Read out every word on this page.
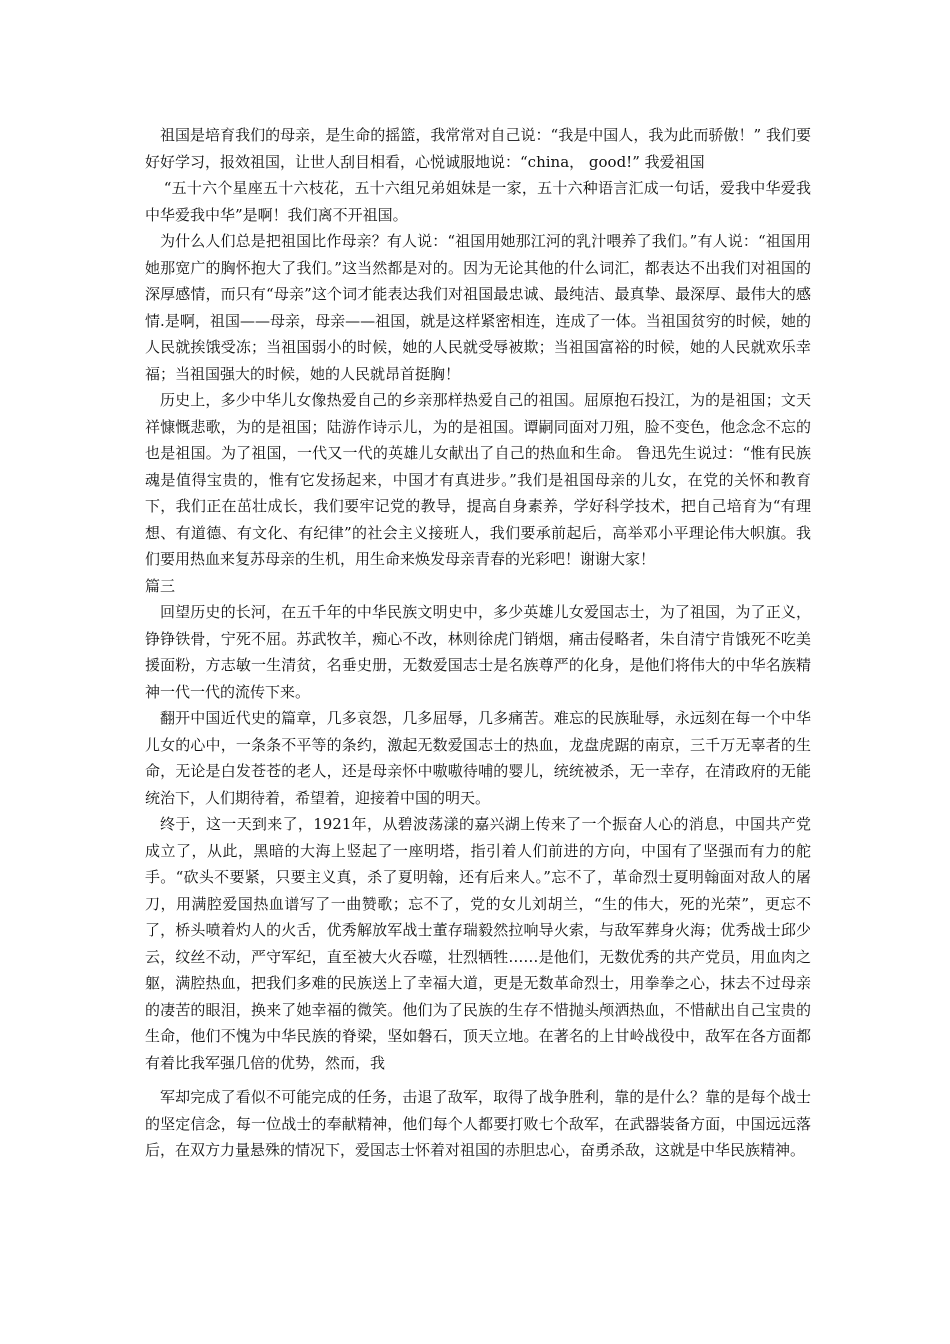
祖国是培育我们的母亲，是生命的摇篮，我常常对自己说：“我是中国人，我为此而骄傲！” 我们要好好学习，报效祖国，让世人刮目相看，心悦诚服地说：“china， good!” 我爱祖国

“五十六个星座五十六枝花，五十六组兄弟姐妹是一家，五十六种语言汇成一句话，爱我中华爱我中华爱我中华”是啊！我们离不开祖国。

为什么人们总是把祖国比作母亲？有人说：“祖国用她那江河的乳汁喂养了我们。”有人说：“祖国用她那宽广的胸怀抱大了我们。”这当然都是对的。因为无论其他的什么词汇，都表达不出我们对祖国的深厚感情，而只有“母亲”这个词才能表达我们对祖国最忠诚、最纯洁、最真挚、最深厚、最伟大的感情.是啊，祖国——母亲，母亲——祖国，就是这样紧密相连，连成了一体。当祖国贫穷的时候，她的人民就挨饿受冻；当祖国弱小的时候，她的人民就受辱被欺；当祖国富裕的时候，她的人民就欢乐幸福；当祖国强大的时候，她的人民就昂首挺胸！

历史上，多少中华儿女像热爱自己的乡亲那样热爱自己的祖国。屈原抱石投江，为的是祖国；文天祥慷慨悲歌，为的是祖国；陆游作诗示儿，为的是祖国。谭嗣同面对刀殂，脸不变色，他念念不忘的也是祖国。为了祖国，一代又一代的英雄儿女献出了自己的热血和生命。 鲁迅先生说过：“惟有民族魂是值得宝贵的，惟有它发扬起来，中国才有真进步。”我们是祖国母亲的儿女，在党的关怀和教育下，我们正在茁壮成长，我们要牢记党的教导，提高自身素养，学好科学技术，把自己培育为“有理想、有道德、有文化、有纪律”的社会主义接班人，我们要承前起后，高举邓小平理论伟大帜旗。我们要用热血来复苏母亲的生机，用生命来焕发母亲青春的光彩吧！谢谢大家！

篇三

回望历史的长河，在五千年的中华民族文明史中，多少英雄儿女爱国志士，为了祖国，为了正义，铮铮铁骨，宁死不屈。苏武牧羊，痴心不改，林则徐虎门销烟，痛击侵略者，朱自清宁肯饿死不吃美援面粉，方志敏一生清贫，名垂史册，无数爱国志士是名族尊严的化身，是他们将伟大的中华名族精神一代一代的流传下来。

翻开中国近代史的篇章，几多哀怨，几多屈辱，几多痛苦。难忘的民族耻辱，永远刻在每一个中华儿女的心中，一条条不平等的条约，激起无数爱国志士的热血，龙盘虎踞的南京，三千万无辜者的生命，无论是白发苍苍的老人，还是母亲怀中嗷嗷待哺的婴儿，统统被杀，无一幸存，在清政府的无能统治下，人们期待着，希望着，迎接着中国的明天。

终于，这一天到来了，1921年，从碧波荡漾的嘉兴湖上传来了一个振奋人心的消息，中国共产党成立了，从此，黑暗的大海上竖起了一座明塔，指引着人们前进的方向，中国有了坚强而有力的舵手。“砍头不要紧，只要主义真，杀了夏明翰，还有后来人。”忘不了，革命烈士夏明翰面对敌人的屠刀，用满腔爱国热血谱写了一曲赞歌；忘不了，党的女儿刘胡兰，“生的伟大，死的光荣”，更忘不了，桥头喷着灼人的火舌，优秀解放军战士董存瑞毅然拉响导火索，与敌军葬身火海；优秀战士邱少云，纹丝不动，严守军纪，直至被大火吞噬，壮烈牺牲……是他们，无数优秀的共产党员，用血肉之躯，满腔热血，把我们多难的民族送上了幸福大道，更是无数革命烈士，用拳拳之心，抹去不过母亲的凄苦的眼泪，换来了她幸福的微笑。他们为了民族的生存不惜抛头颅洒热血，不惜献出自己宝贵的生命，他们不愧为中华民族的脊梁，坚如磐石，顶天立地。在著名的上甘岭战役中，敌军在各方面都有着比我军强几倍的优势，然而，我

军却完成了看似不可能完成的任务，击退了敌军，取得了战争胜利，靠的是什么？靠的是每个战士的坚定信念，每一位战士的奉献精神，他们每个人都要打败七个敌军，在武器装备方面，中国远远落后，在双方力量悬殊的情况下，爱国志士怀着对祖国的赤胆忠心，奋勇杀敌，这就是中华民族精神。
